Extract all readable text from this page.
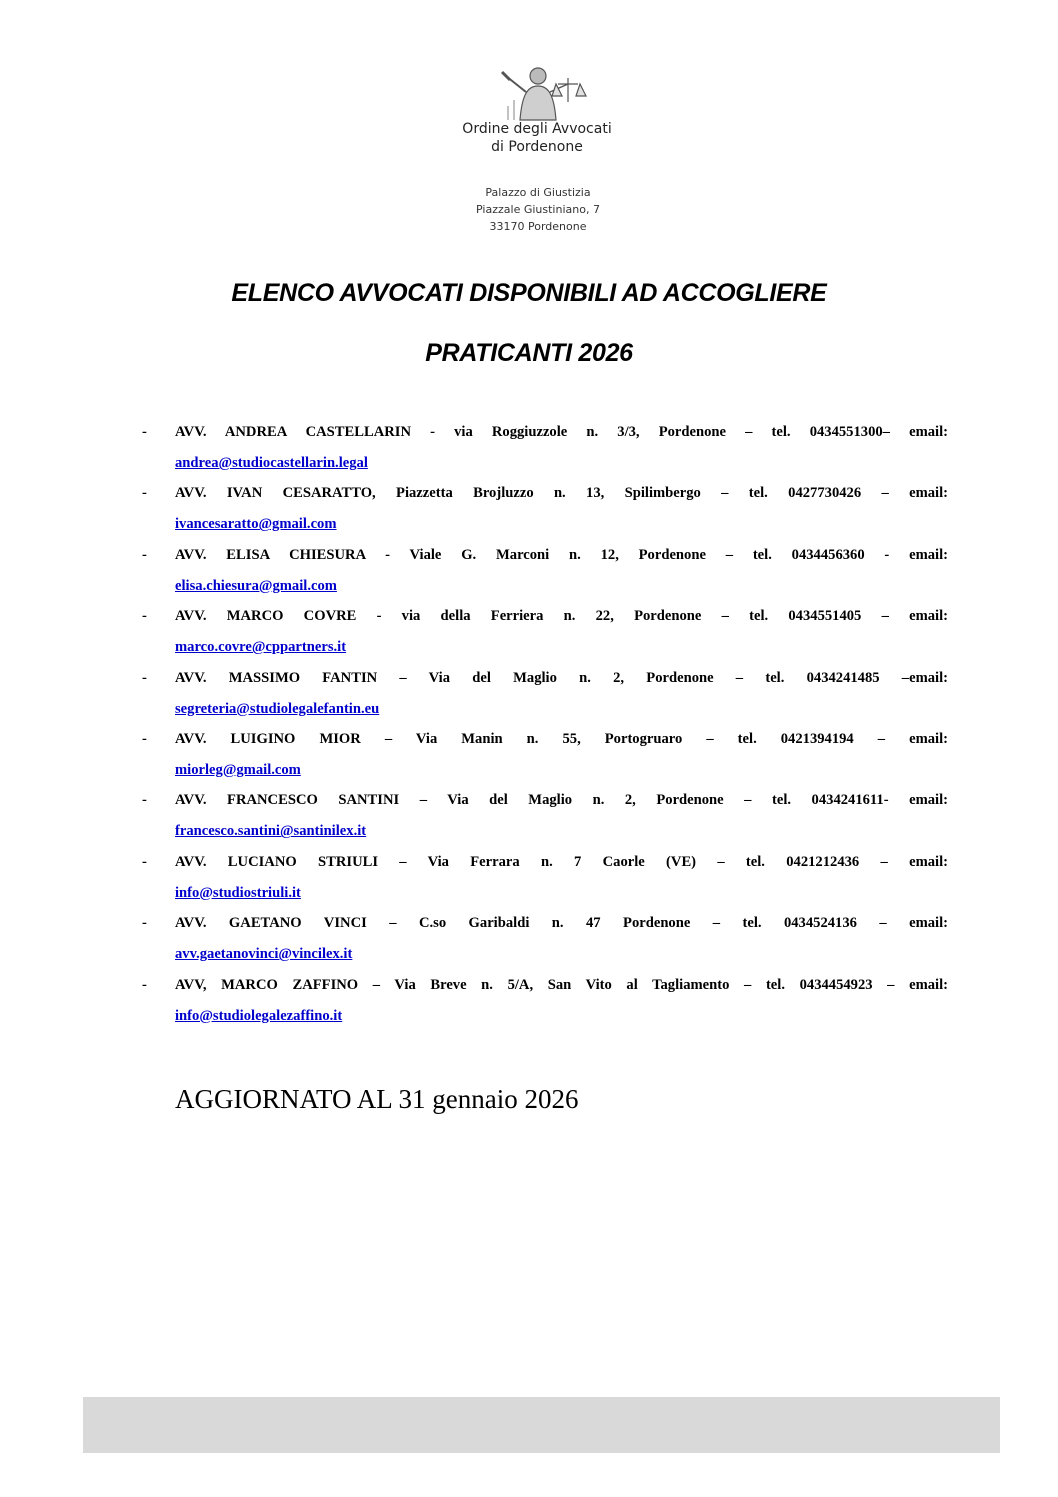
Ordine degli Avvocati
di Pordenone
Palazzo di Giustizia
Piazzale Giustiniano, 7
33170 Pordenone
ELENCO AVVOCATI DISPONIBILI AD ACCOGLIERE
PRATICANTI 2026
- AVV. ANDREA CASTELLARIN - via Roggiuzzole n. 3/3, Pordenone – tel. 0434551300– email:
andrea@studiocastellarin.legal
- AVV. IVAN CESARATTO, Piazzetta Brojluzzo n. 13, Spilimbergo – tel. 0427730426 – email:
ivancesaratto@gmail.com
- AVV. ELISA CHIESURA - Viale G. Marconi n. 12, Pordenone – tel. 0434456360 - email:
elisa.chiesura@gmail.com
- AVV. MARCO COVRE - via della Ferriera n. 22, Pordenone – tel. 0434551405 – email:
marco.covre@cppartners.it
- AVV. MASSIMO FANTIN – Via del Maglio n. 2, Pordenone – tel. 0434241485 –email:
segreteria@studiolegalefantin.eu
- AVV. LUIGINO MIOR – Via Manin n. 55, Portogruaro – tel. 0421394194 – email:
miorleg@gmail.com
- AVV. FRANCESCO SANTINI – Via del Maglio n. 2, Pordenone – tel. 0434241611- email:
francesco.santini@santinilex.it
- AVV. LUCIANO STRIULI – Via Ferrara n. 7 Caorle (VE) – tel. 0421212436 – email:
info@studiostriuli.it
- AVV. GAETANO VINCI – C.so Garibaldi n. 47 Pordenone – tel. 0434524136 – email:
avv.gaetanovinci@vincilex.it
- AVV, MARCO ZAFFINO – Via Breve n. 5/A, San Vito al Tagliamento – tel. 0434454923 – email:
info@studiolegalezaffino.it
AGGIORNATO AL 31 gennaio 2026
